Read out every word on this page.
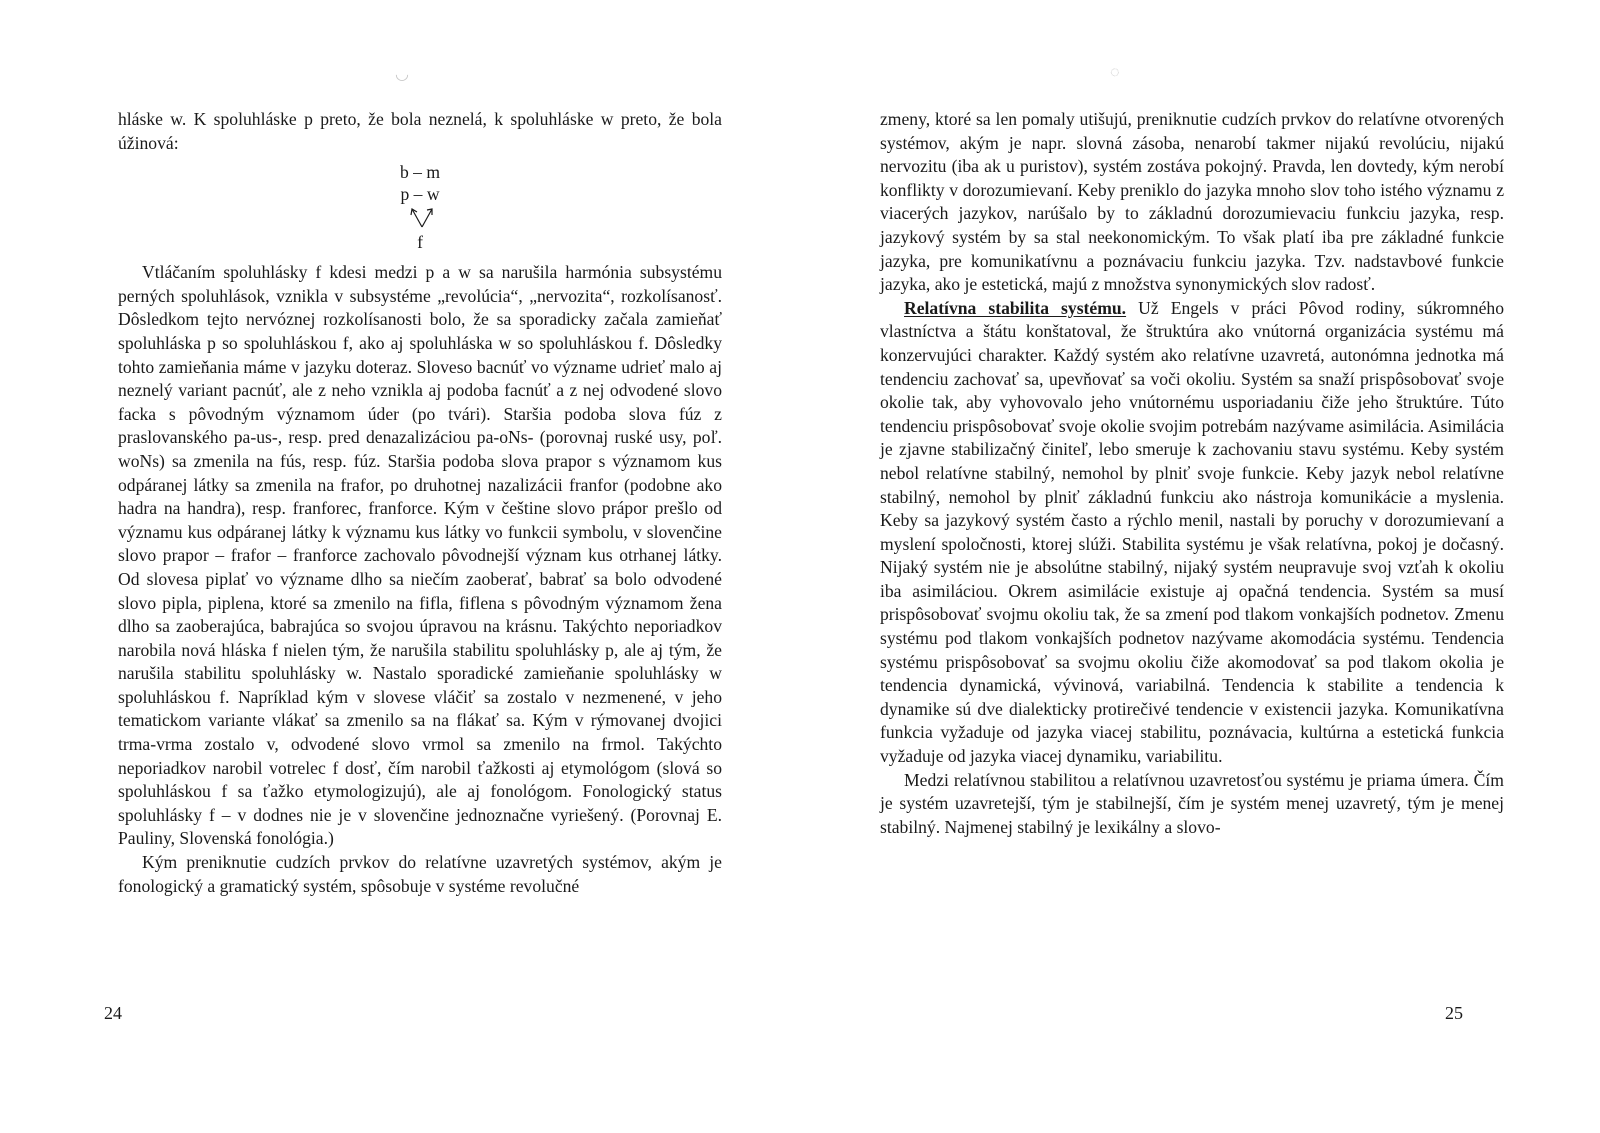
◡

hláske w. K spoluhláske p preto, že bola neznelá, k spoluhláske w preto, že bola úžinová:

b – m
p – w
f

Vtláčaním spoluhlásky f kdesi medzi p a w sa narušila harmónia subsystému perných spoluhlások, vznikla v subsystéme „revolúcia“, „nervozita“, rozkolísanosť. Dôsledkom tejto nervóznej rozkolísanosti bolo, že sa sporadicky začala zamieňať spoluhláska p so spoluhláskou f, ako aj spoluhláska w so spoluhláskou f. Dôsledky tohto zamieňania máme v jazyku doteraz. Sloveso bacnúť vo význame udrieť malo aj neznelý variant pacnúť, ale z neho vznikla aj podoba facnúť a z nej odvodené slovo facka s pôvodným významom úder (po tvári). Staršia podoba slova fúz z praslovanského pa-us-, resp. pred denazalizáciou pa-oNs- (porovnaj ruské usy, poľ. woNs) sa zmenila na fús, resp. fúz. Staršia podoba slova prapor s významom kus odpáranej látky sa zmenila na frafor, po druhotnej nazalizácii franfor (podobne ako hadra na handra), resp. franforec, franforce. Kým v češtine slovo prápor prešlo od významu kus odpáranej látky k významu kus látky vo funkcii symbolu, v slovenčine slovo prapor – frafor – franforce zachovalo pôvodnejší význam kus otrhanej látky. Od slovesa piplať vo význame dlho sa niečím zaoberať, babrať sa bolo odvodené slovo pipla, piplena, ktoré sa zmenilo na fifla, fiflena s pôvodným významom žena dlho sa zaoberajúca, babrajúca so svojou úpravou na krásnu. Takýchto neporiadkov narobila nová hláska f nielen tým, že narušila stabilitu spoluhlásky p, ale aj tým, že narušila stabilitu spoluhlásky w. Nastalo sporadické zamieňanie spoluhlásky w spoluhláskou f. Napríklad kým v slovese vláčiť sa zostalo v nezmenené, v jeho tematickom variante vlákať sa zmenilo sa na flákať sa. Kým v rýmovanej dvojici trma-vrma zostalo v, odvodené slovo vrmol sa zmenilo na frmol. Takýchto neporiadkov narobil votrelec f dosť, čím narobil ťažkosti aj etymológom (slová so spoluhláskou f sa ťažko etymologizujú), ale aj fonológom. Fonologický status spoluhlásky f – v dodnes nie je v slovenčine jednoznačne vyriešený. (Porovnaj E. Pauliny, Slovenská fonológia.)

Kým preniknutie cudzích prvkov do relatívne uzavretých systémov, akým je fonologický a gramatický systém, spôsobuje v systéme revolučné

24
◌

zmeny, ktoré sa len pomaly utišujú, preniknutie cudzích prvkov do relatívne otvorených systémov, akým je napr. slovná zásoba, nenarobí takmer nijakú revolúciu, nijakú nervozitu (iba ak u puristov), systém zostáva pokojný. Pravda, len dovtedy, kým nerobí konflikty v dorozumievaní. Keby preniklo do jazyka mnoho slov toho istého významu z viacerých jazykov, narúšalo by to základnú dorozumievaciu funkciu jazyka, resp. jazykový systém by sa stal neekonomickým. To však platí iba pre základné funkcie jazyka, pre komunikatívnu a poznávaciu funkciu jazyka. Tzv. nadstavbové funkcie jazyka, ako je estetická, majú z množstva synonymických slov radosť.

Relatívna stabilita systému. Už Engels v práci Pôvod rodiny, súkromného vlastníctva a štátu konštatoval, že štruktúra ako vnútorná organizácia systému má konzervujúci charakter. Každý systém ako relatívne uzavretá, autonómna jednotka má tendenciu zachovať sa, upevňovať sa voči okoliu. Systém sa snaží prispôsobovať svoje okolie tak, aby vyhovovalo jeho vnútornému usporiadaniu čiže jeho štruktúre. Túto tendenciu prispôsobovať svoje okolie svojim potrebám nazývame asimilácia. Asimilácia je zjavne stabilizačný činiteľ, lebo smeruje k zachovaniu stavu systému. Keby systém nebol relatívne stabilný, nemohol by plniť svoje funkcie. Keby jazyk nebol relatívne stabilný, nemohol by plniť základnú funkciu ako nástroja komunikácie a myslenia. Keby sa jazykový systém často a rýchlo menil, nastali by poruchy v dorozumievaní a myslení spoločnosti, ktorej slúži. Stabilita systému je však relatívna, pokoj je dočasný. Nijaký systém nie je absolútne stabilný, nijaký systém neupravuje svoj vzťah k okoliu iba asimiláciou. Okrem asimilácie existuje aj opačná tendencia. Systém sa musí prispôsobovať svojmu okoliu tak, že sa zmení pod tlakom vonkajších podnetov. Zmenu systému pod tlakom vonkajších podnetov nazývame akomodácia systému. Tendencia systému prispôsobovať sa svojmu okoliu čiže akomodovať sa pod tlakom okolia je tendencia dynamická, vývinová, variabilná. Tendencia k stabilite a tendencia k dynamike sú dve dialekticky protirečivé tendencie v existencii jazyka. Komunikatívna funkcia vyžaduje od jazyka viacej stabilitu, poznávacia, kultúrna a estetická funkcia vyžaduje od jazyka viacej dynamiku, variabilitu.

Medzi relatívnou stabilitou a relatívnou uzavretosťou systému je priama úmera. Čím je systém uzavretejší, tým je stabilnejší, čím je systém menej uzavretý, tým je menej stabilný. Najmenej stabilný je lexikálny a slovo-

25
